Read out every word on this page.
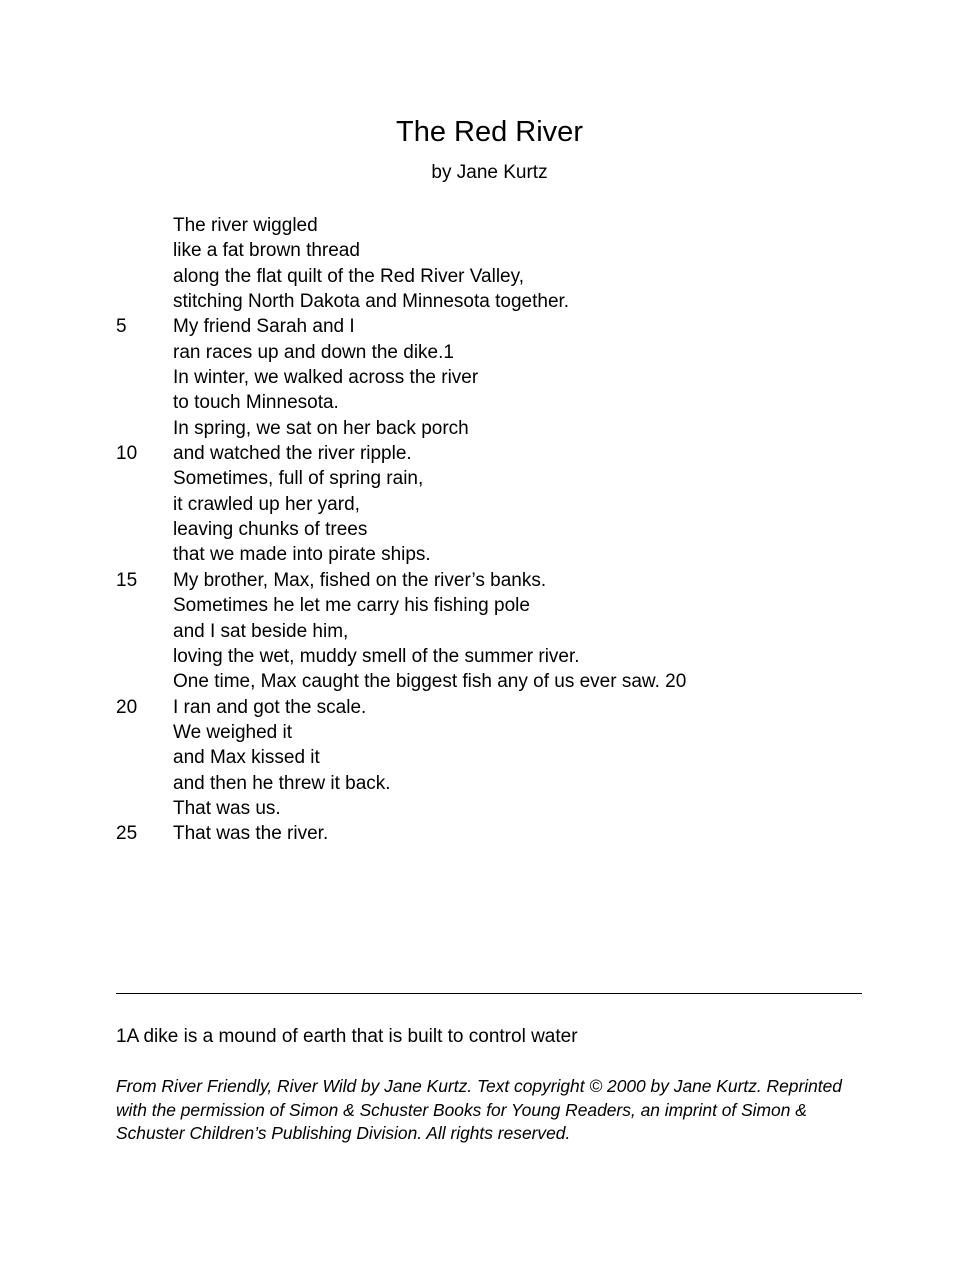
The Red River
by Jane Kurtz
The river wiggled
like a fat brown thread
along the flat quilt of the Red River Valley,
stitching North Dakota and Minnesota together.
5	My friend Sarah and I
ran races up and down the dike.1
In winter, we walked across the river
to touch Minnesota.
In spring, we sat on her back porch
10	and watched the river ripple.
Sometimes, full of spring rain,
it crawled up her yard,
leaving chunks of trees
that we made into pirate ships.
15	My brother, Max, fished on the river’s banks.
Sometimes he let me carry his fishing pole
and I sat beside him,
loving the wet, muddy smell of the summer river.
One time, Max caught the biggest fish any of us ever saw. 20
20	I ran and got the scale.
We weighed it
and Max kissed it
and then he threw it back.
That was us.
25	That was the river.
1A dike is a mound of earth that is built to control water
From River Friendly, River Wild by Jane Kurtz. Text copyright © 2000 by Jane Kurtz. Reprinted
with the permission of Simon & Schuster Books for Young Readers, an imprint of Simon &
Schuster Children’s Publishing Division. All rights reserved.
